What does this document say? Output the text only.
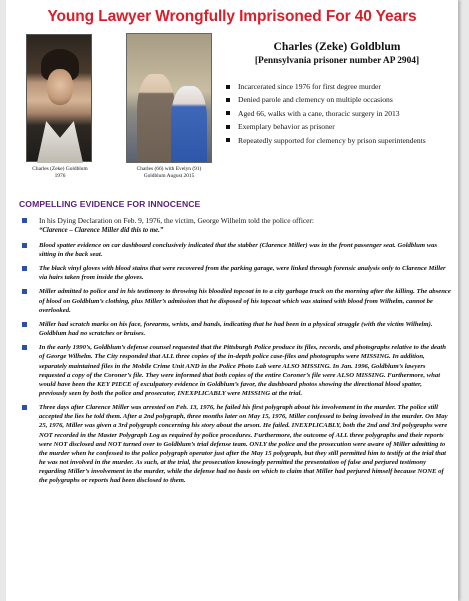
Young Lawyer Wrongfully Imprisoned For 40 Years
Charles (Zeke) Goldblum
1976
Charles (66) with Evelyn (91)
Goldblum August 2015
Charles (Zeke) Goldblum
[Pennsylvania prisoner number AP 2904]
Incarcerated since 1976 for first degree murder
Denied parole and clemency on multiple occasions
Aged 66, walks with a cane, thoracic surgery in 2013
Exemplary behavior as prisoner
Repeatedly supported for clemency by prison superintendents
COMPELLING EVIDENCE FOR INNOCENCE
In his Dying Declaration on Feb. 9, 1976, the victim, George Wilhelm told the police officer:
“Clarence – Clarence Miller did this to me.”
Blood spatter evidence on car dashboard conclusively indicated that the stabber (Clarence Miller) was in the front passenger seat. Goldblum was sitting in the back seat.
The black vinyl gloves with blood stains that were recovered from the parking garage, were linked through forensic analysis only to Clarence Miller via hairs taken from inside the gloves.
Miller admitted to police and in his testimony to throwing his bloodied topcoat in to a city garbage truck on the morning after the killing. The absence of blood on Goldblum’s clothing, plus Miller’s admission that he disposed of his topcoat which was stained with blood from Wilhelm, cannot be overlooked.
Miller had scratch marks on his face, forearms, wrists, and hands, indicating that he had been in a physical struggle (with the victim Wilhelm). Goldblum had no scratches or bruises.
In the early 1990’s, Goldblum’s defense counsel requested that the Pittsburgh Police produce its files, records, and photographs relative to the death of George Wilhelm. The City responded that ALL three copies of the in-depth police case-files and photographs were MISSING. In addition, separately maintained files in the Mobile Crime Unit AND in the Police Photo Lab were ALSO MISSING. In Jan. 1996, Goldblum’s lawyers requested a copy of the Coroner’s file. They were informed that both copies of the entire Coroner’s file were ALSO MISSING. Furthermore, what would have been the KEY PIECE of exculpatory evidence in Goldblum’s favor, the dashboard photos showing the directional blood spatter, previously seen by both the police and prosecutor, INEXPLICABLY were MISSING at the trial.
Three days after Clarence Miller was arrested on Feb. 13, 1976, he failed his first polygraph about his involvement in the murder. The police still accepted the lies he told them. After a 2nd polygraph, three months later on May 15, 1976, Miller confessed to being involved in the murder. On May 25, 1976, Miller was given a 3rd polygraph concerning his story about the arson. He failed. INEXPLICABLY, both the 2nd and 3rd polygraphs were NOT recorded in the Master Polygraph Log as required by police procedures. Furthermore, the outcome of ALL three polygraphs and their reports were NOT disclosed and NOT turned over to Goldblum’s trial defense team. ONLY the police and the prosecution were aware of Miller admitting to the murder when he confessed to the police polygraph operator just after the May 15 polygraph, but they still permitted him to testify at the trial that he was not involved in the murder. As such, at the trial, the prosecution knowingly permitted the presentation of false and perjured testimony regarding Miller’s involvement in the murder, while the defense had no basis on which to claim that Miller had perjured himself because NONE of the polygraphs or reports had been disclosed to them.
